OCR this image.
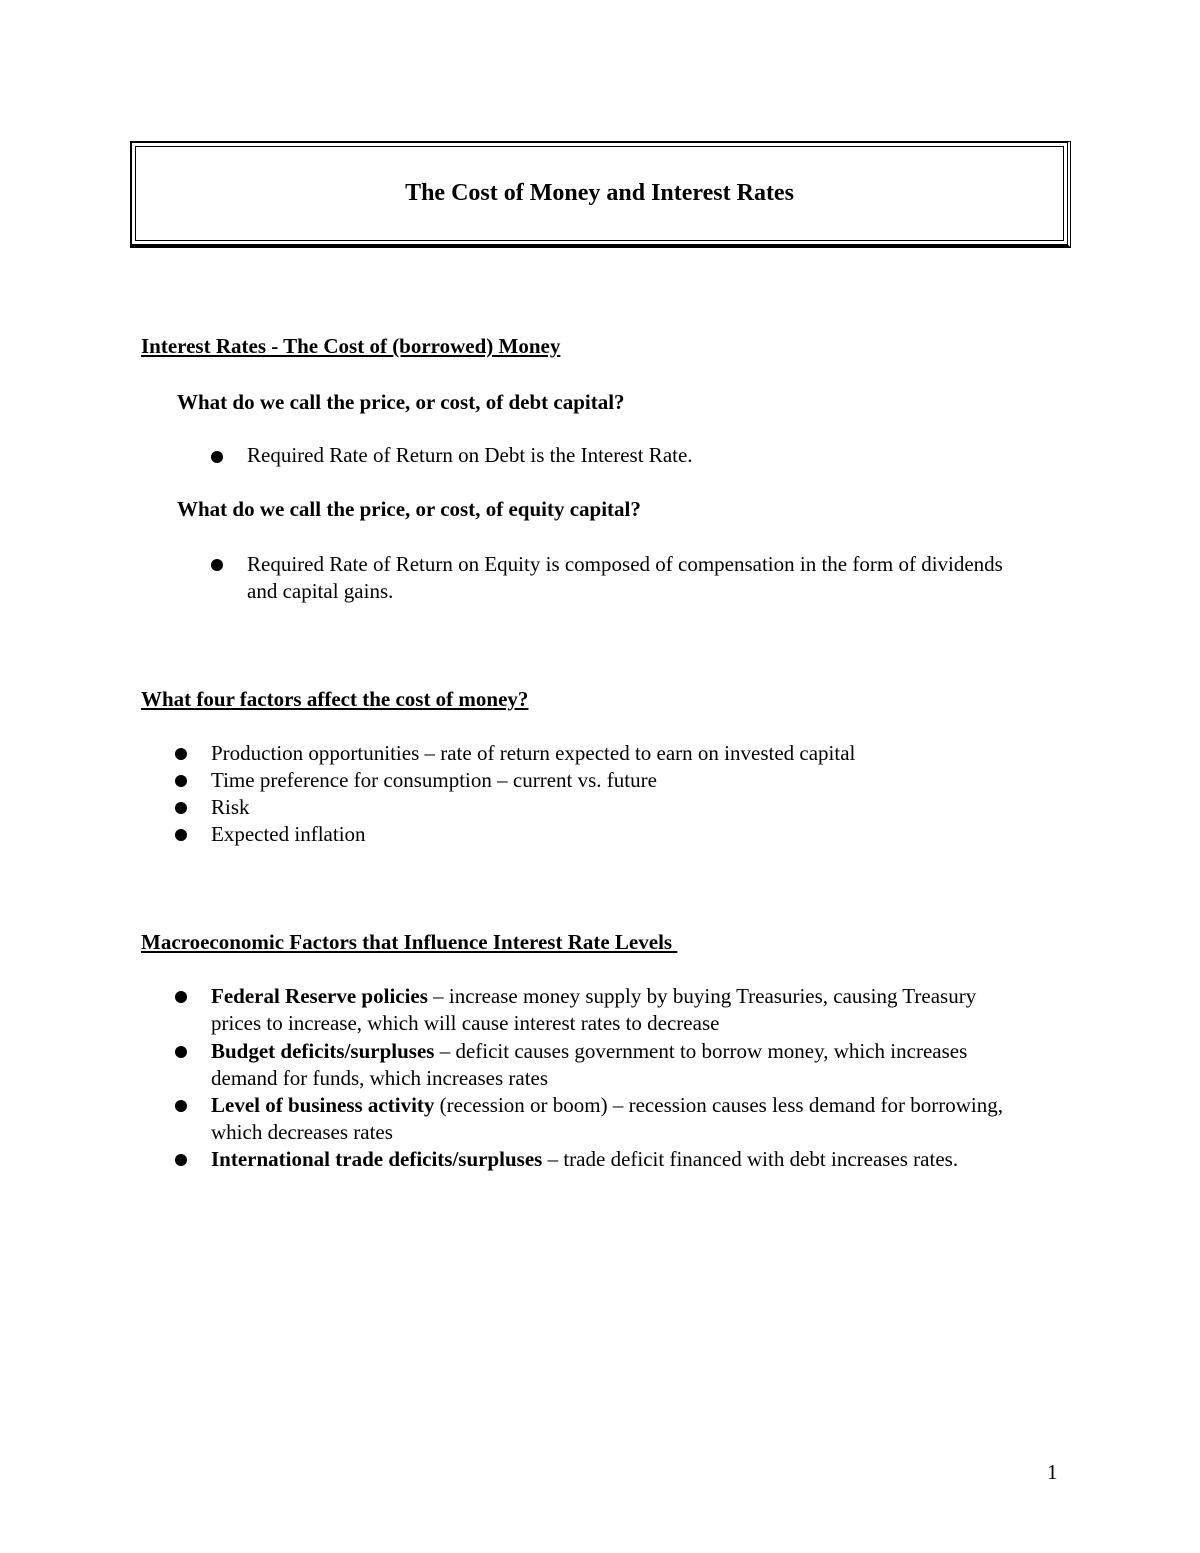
The Cost of Money and Interest Rates
Interest Rates - The Cost of (borrowed) Money
What do we call the price, or cost, of debt capital?
Required Rate of Return on Debt is the Interest Rate.
What do we call the price, or cost, of equity capital?
Required Rate of Return on Equity is composed of compensation in the form of dividends and capital gains.
What four factors affect the cost of money?
Production opportunities – rate of return expected to earn on invested capital
Time preference for consumption – current vs. future
Risk
Expected inflation
Macroeconomic Factors that Influence Interest Rate Levels
Federal Reserve policies – increase money supply by buying Treasuries, causing Treasury prices to increase, which will cause interest rates to decrease
Budget deficits/surpluses – deficit causes government to borrow money, which increases demand for funds, which increases rates
Level of business activity (recession or boom) – recession causes less demand for borrowing, which decreases rates
International trade deficits/surpluses – trade deficit financed with debt increases rates.
1
